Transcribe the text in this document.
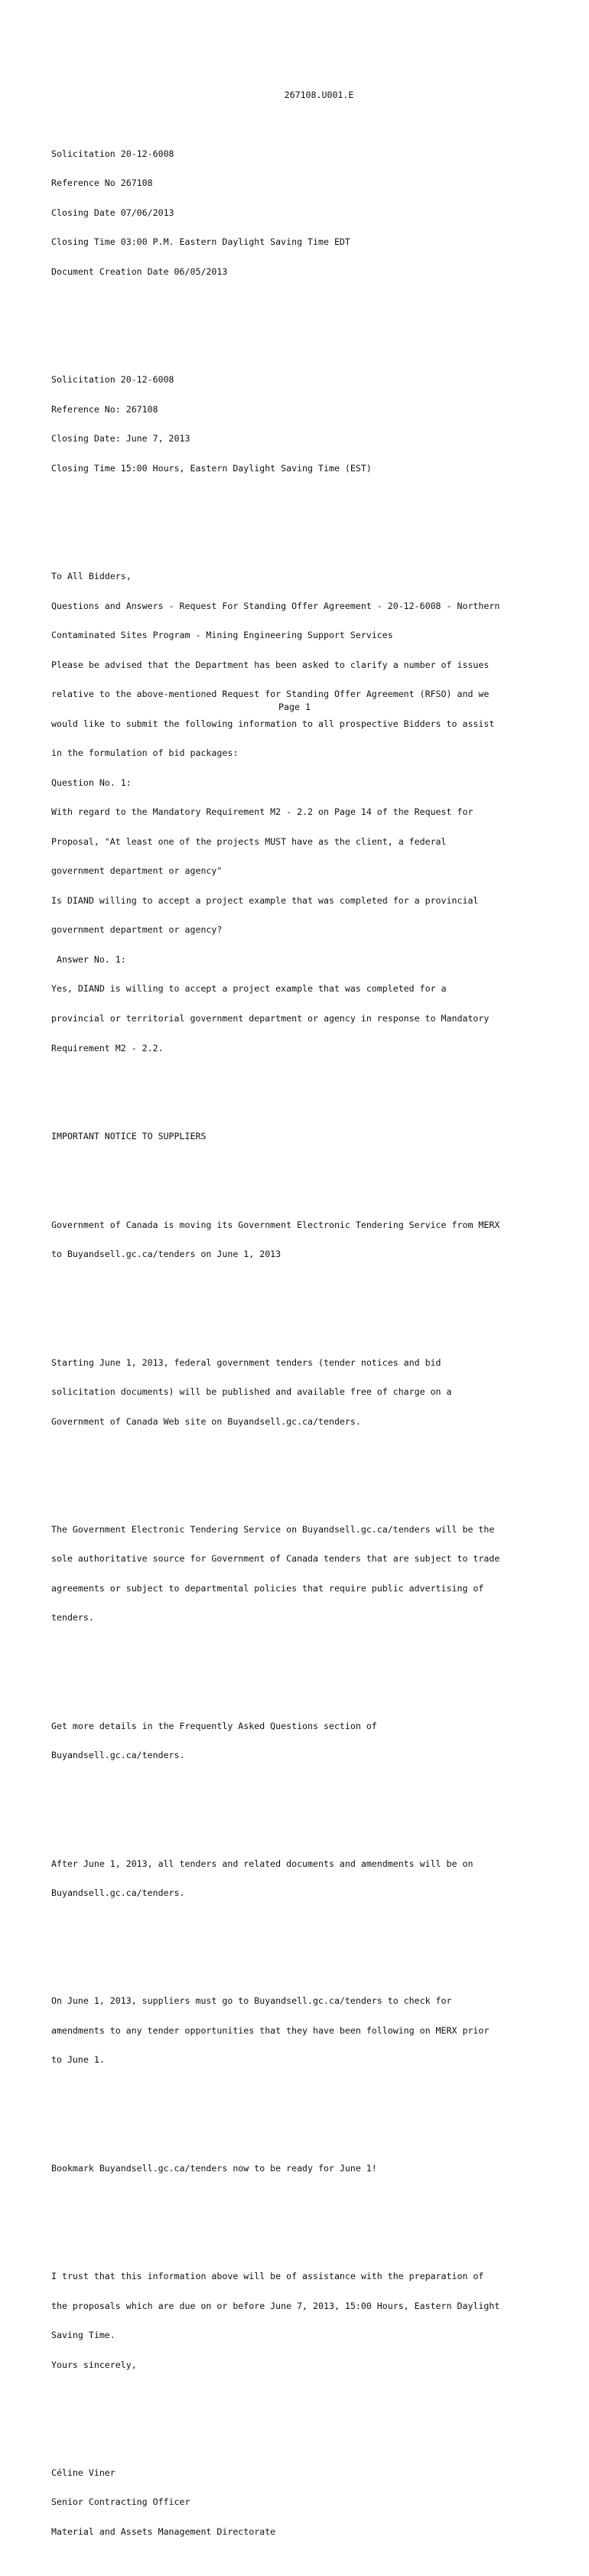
267108.U001.E

Solicitation 20-12-6008

Reference No 267108

Closing Date 07/06/2013

Closing Time 03:00 P.M. Eastern Daylight Saving Time EDT

Document Creation Date 06/05/2013

Solicitation 20-12-6008

Reference No: 267108

Closing Date: June 7, 2013

Closing Time 15:00 Hours, Eastern Daylight Saving Time (EST)

To All Bidders,

Questions and Answers - Request For Standing Offer Agreement - 20-12-6008 - Northern

Contaminated Sites Program - Mining Engineering Support Services

Please be advised that the Department has been asked to clarify a number of issues

relative to the above-mentioned Request for Standing Offer Agreement (RFSO) and we

would like to submit the following information to all prospective Bidders to assist

in the formulation of bid packages:

Question No. 1:

With regard to the Mandatory Requirement M2 - 2.2 on Page 14 of the Request for

Proposal, "At least one of the projects MUST have as the client, a federal

government department or agency"

Is DIAND willing to accept a project example that was completed for a provincial

government department or agency?

Answer No. 1:

Yes, DIAND is willing to accept a project example that was completed for a

provincial or territorial government department or agency in response to Mandatory

Requirement M2 - 2.2.

IMPORTANT NOTICE TO SUPPLIERS

Government of Canada is moving its Government Electronic Tendering Service from MERX

to Buyandsell.gc.ca/tenders on June 1, 2013

Starting June 1, 2013, federal government tenders (tender notices and bid

solicitation documents) will be published and available free of charge on a

Government of Canada Web site on Buyandsell.gc.ca/tenders.

The Government Electronic Tendering Service on Buyandsell.gc.ca/tenders will be the

sole authoritative source for Government of Canada tenders that are subject to trade

agreements or subject to departmental policies that require public advertising of

tenders.

Get more details in the Frequently Asked Questions section of

Buyandsell.gc.ca/tenders.

After June 1, 2013, all tenders and related documents and amendments will be on

Buyandsell.gc.ca/tenders.

On June 1, 2013, suppliers must go to Buyandsell.gc.ca/tenders to check for

amendments to any tender opportunities that they have been following on MERX prior

to June 1.

Bookmark Buyandsell.gc.ca/tenders now to be ready for June 1!

I trust that this information above will be of assistance with the preparation of

the proposals which are due on or before June 7, 2013, 15:00 Hours, Eastern Daylight

Saving Time.

Yours sincerely,

Céline Viner

Senior Contracting Officer

Material and Assets Management Directorate

Page 1
